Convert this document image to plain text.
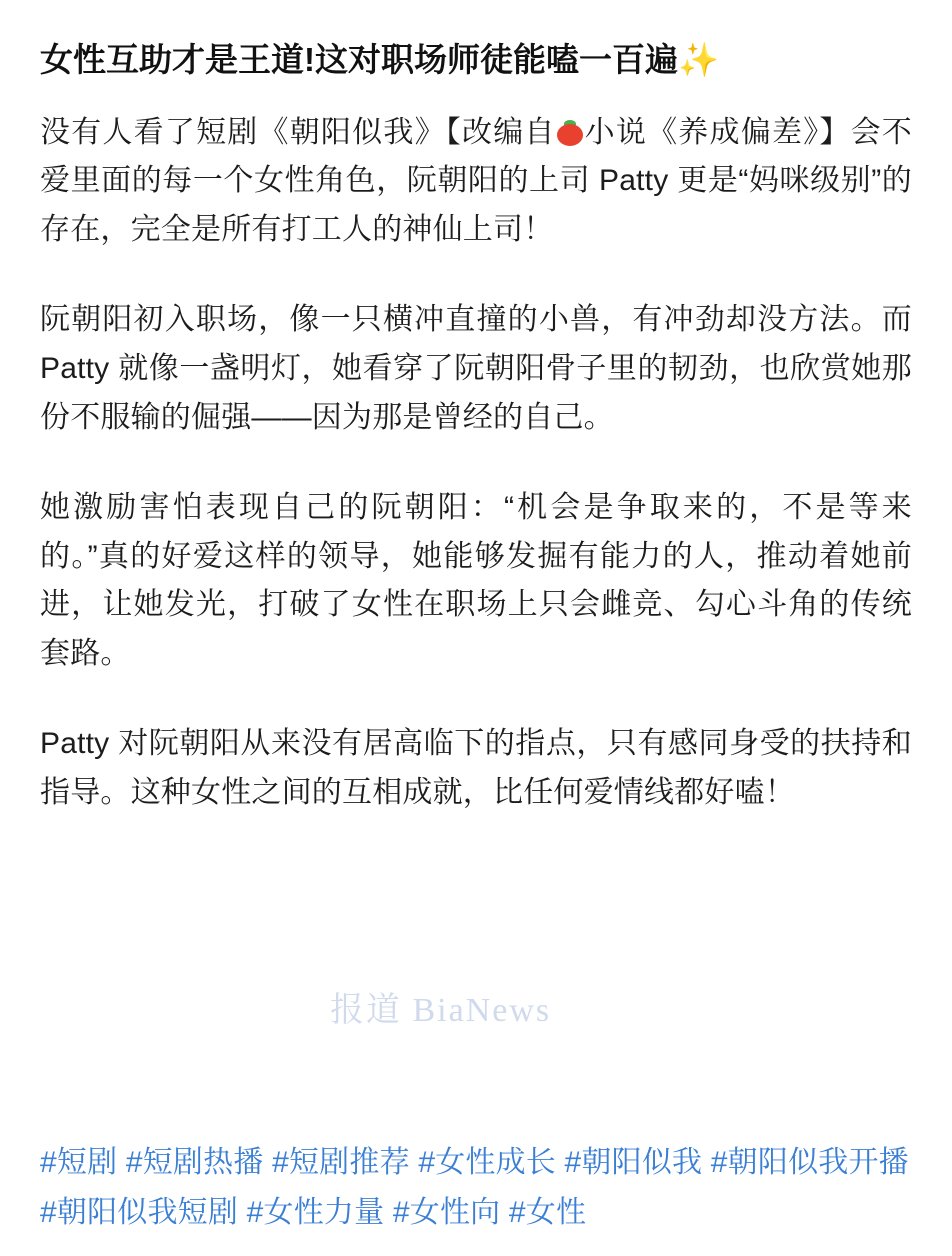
女性互助才是王道!这对职场师徒能嗑一百遍✨

没有人看了短剧《朝阳似我》【改编自 小说《养成偏差》】会不爱里面的每一个女性角色，阮朝阳的上司 Patty 更是“妈咪级别”的存在，完全是所有打工人的神仙上司！

阮朝阳初入职场，像一只横冲直撞的小兽，有冲劲却没方法。而 Patty 就像一盏明灯，她看穿了阮朝阳骨子里的韧劲，也欣赏她那份不服输的倔强——因为那是曾经的自己。

她激励害怕表现自己的阮朝阳：“机会是争取来的，不是等来的。”真的好爱这样的领导，她能够发掘有能力的人，推动着她前进，让她发光，打破了女性在职场上只会雌竞、勾心斗角的传统套路。

Patty 对阮朝阳从来没有居高临下的指点，只有感同身受的扶持和指导。这种女性之间的互相成就，比任何爱情线都好嗑！

报道 BiaNews
#短剧 #短剧热播 #短剧推荐 #女性成长 #朝阳似我 #朝阳似我开播 #朝阳似我短剧 #女性力量 #女性向 #女性
